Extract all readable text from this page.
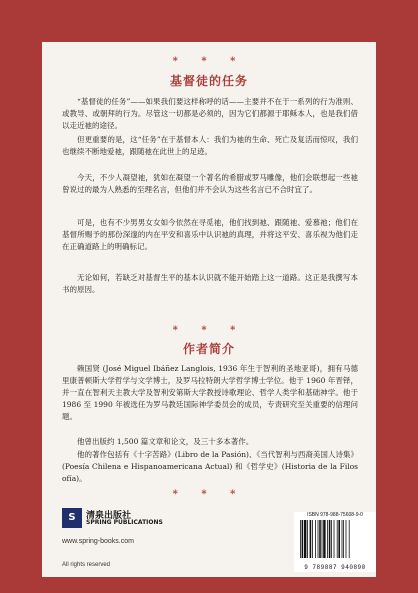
* * *
基督徒的任务
“基督徒的任务”——如果我们要这样称呼的话——主要并不在于一系列的行为准则、或教导、或朝拜的行为。尽管这一切都是必须的，因为它们都源于耶稣本人，也是我们借以走近祂的途径。
但更重要的是，这“任务”在于基督本人：我们为祂的生命、死亡及复活而惊叹，我们也继续不断地爱祂，跟随祂在此世上的足迹。
今天，不少人凝望祂，犹如在凝望一个著名的希腊或罗马雕像，他们会联想起一些祂曾说过的最为人熟悉的至理名言，但他们并不会认为这些名言已不合时宜了。
可是，也有不少男男女女如今依然在寻觅祂，他们找到祂、跟随祂、爱慕祂；他们在基督所赐予的那份深邃的内在平安和喜乐中认识祂的真理，并将这平安、喜乐视为他们走在正确道路上的明确标记。
无论如何，若缺乏对基督生平的基本认识就不能开始踏上这一道路。这正是我撰写本书的原因。
* * *
作者简介
赖国贤 (José Miguel Ibáñez Langlois, 1936 年生于智利的圣地亚哥)，拥有马德里康普顿斯大学哲学与文学博士，及罗马拉特朗大学哲学博士学位。他于 1960 年晋铎，并一直在智利天主教大学及智利安第斯大学教授诗歌理论、哲学人类学和基础神学。他于 1986 至 1990 年被选任为罗马教廷国际神学委员会的成员，专责研究至关重要的信理问题。
他曾出版约 1,500 篇文章和论文，及三十多本著作。
他的著作包括有《十字苦路》(Libro de la Pasión)、《当代智利与西裔美国人诗集》(Poesía Chilena e Hispanoamericana Actual) 和《哲学史》(Historia de la Filosofía)。
* * *
S	清泉出版社
SPRING PUBLICATIONS
www.spring-books.com
All rights reserved
ISBN 978-988-75608-9-0
9 789887 940890
